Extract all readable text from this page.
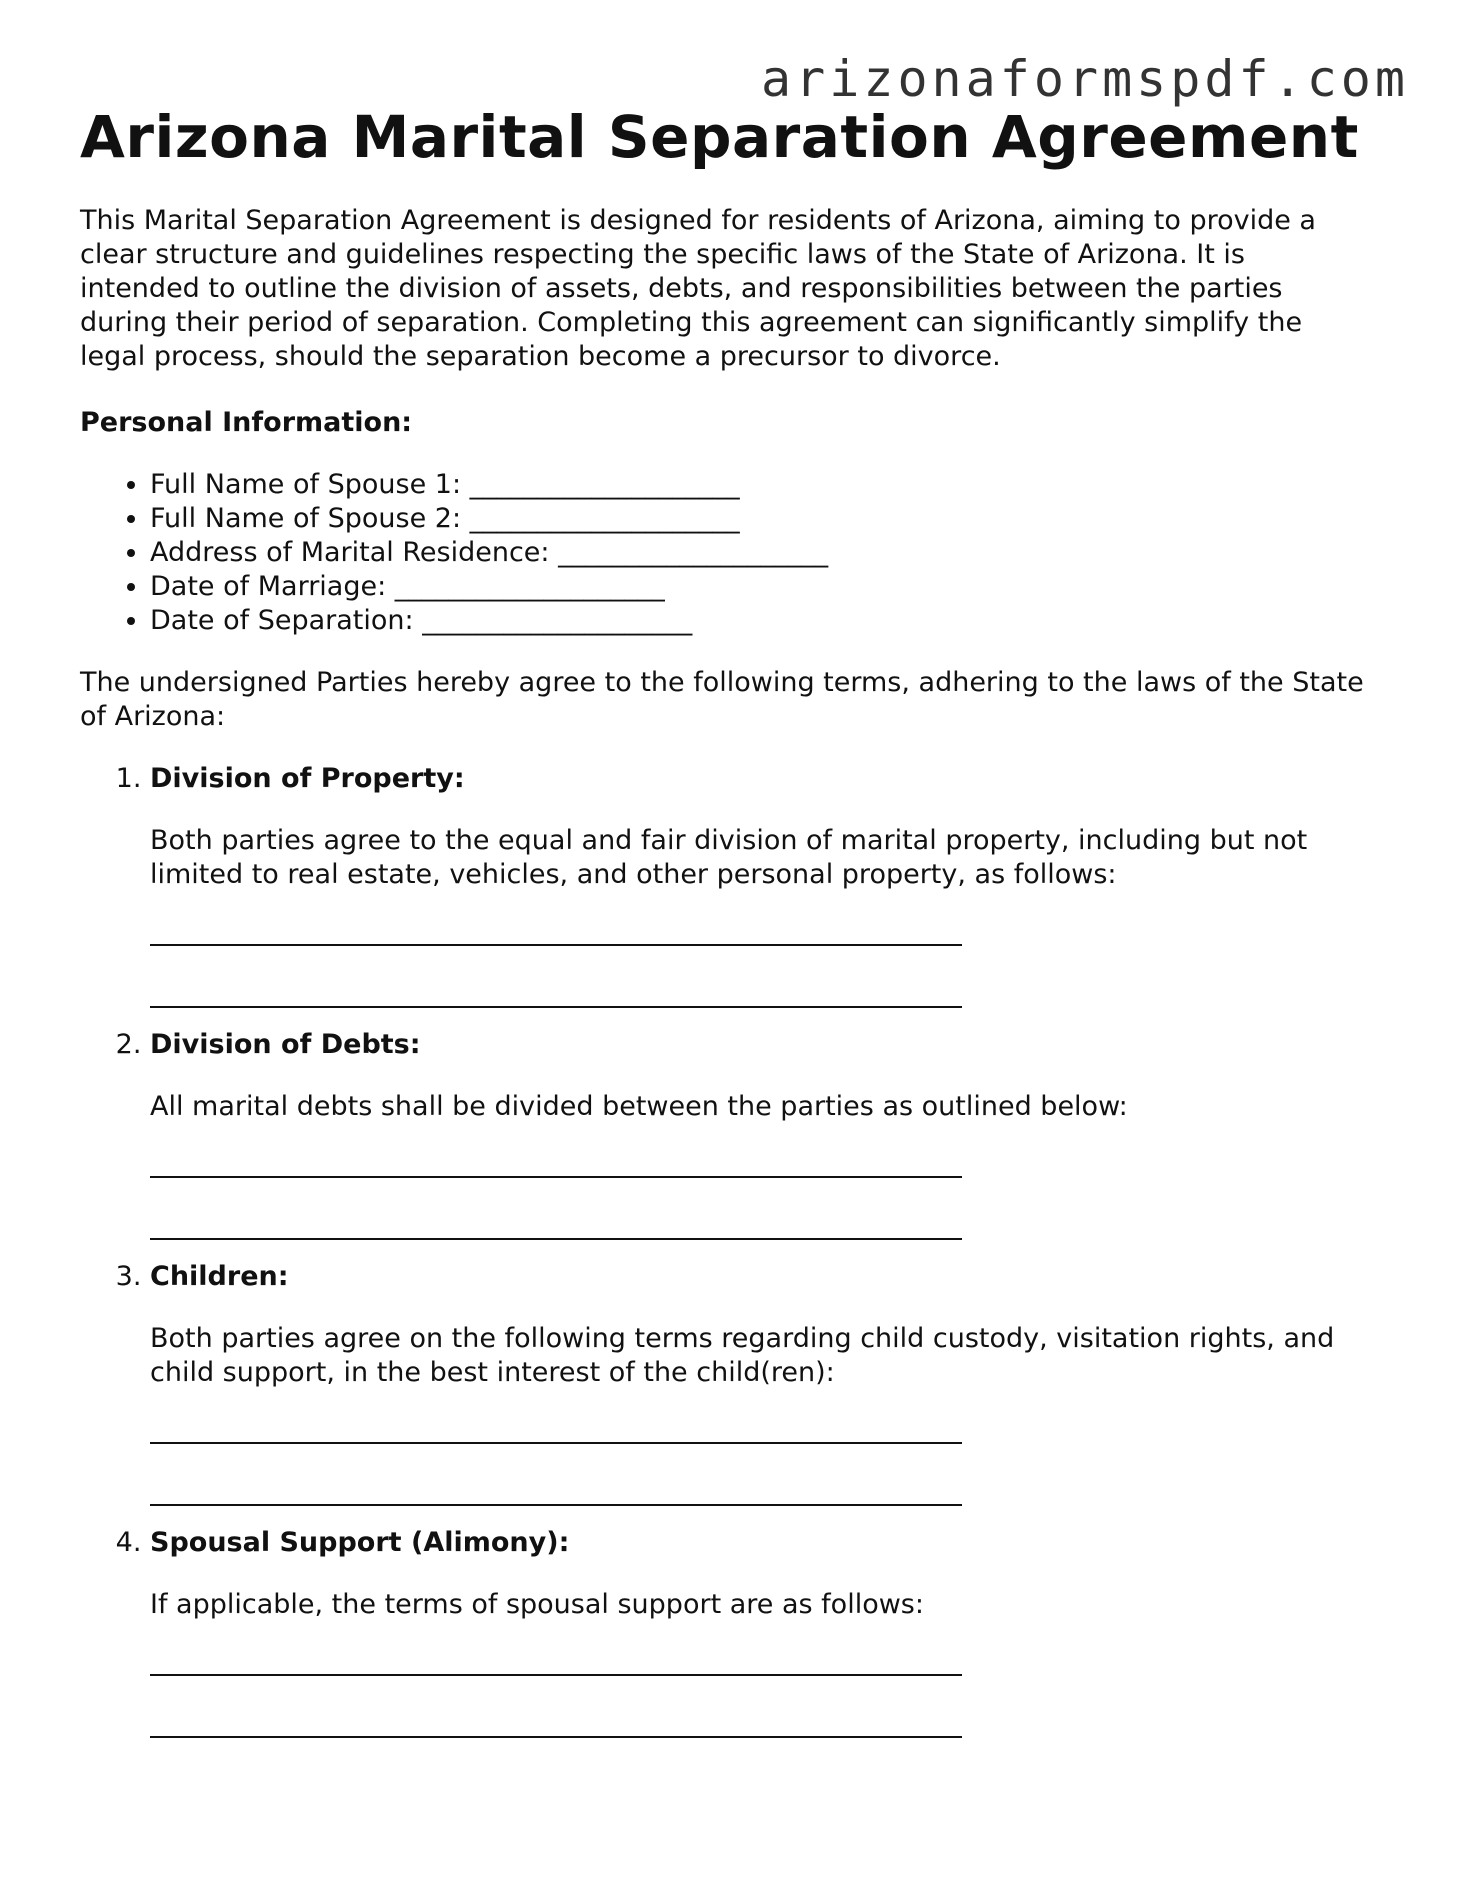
arizonaformspdf.com
Arizona Marital Separation Agreement

This Marital Separation Agreement is designed for residents of Arizona, aiming to provide a clear structure and guidelines respecting the specific laws of the State of Arizona. It is intended to outline the division of assets, debts, and responsibilities between the parties during their period of separation. Completing this agreement can significantly simplify the legal process, should the separation become a precursor to divorce.

Personal Information:
• Full Name of Spouse 1: ____________________
• Full Name of Spouse 2: ____________________
• Address of Marital Residence: ____________________
• Date of Marriage: ____________________
• Date of Separation: ____________________

The undersigned Parties hereby agree to the following terms, adhering to the laws of the State of Arizona:

1. Division of Property:
Both parties agree to the equal and fair division of marital property, including but not limited to real estate, vehicles, and other personal property, as follows:
2. Division of Debts:
All marital debts shall be divided between the parties as outlined below:
3. Children:
Both parties agree on the following terms regarding child custody, visitation rights, and child support, in the best interest of the child(ren):
4. Spousal Support (Alimony):
If applicable, the terms of spousal support are as follows:
